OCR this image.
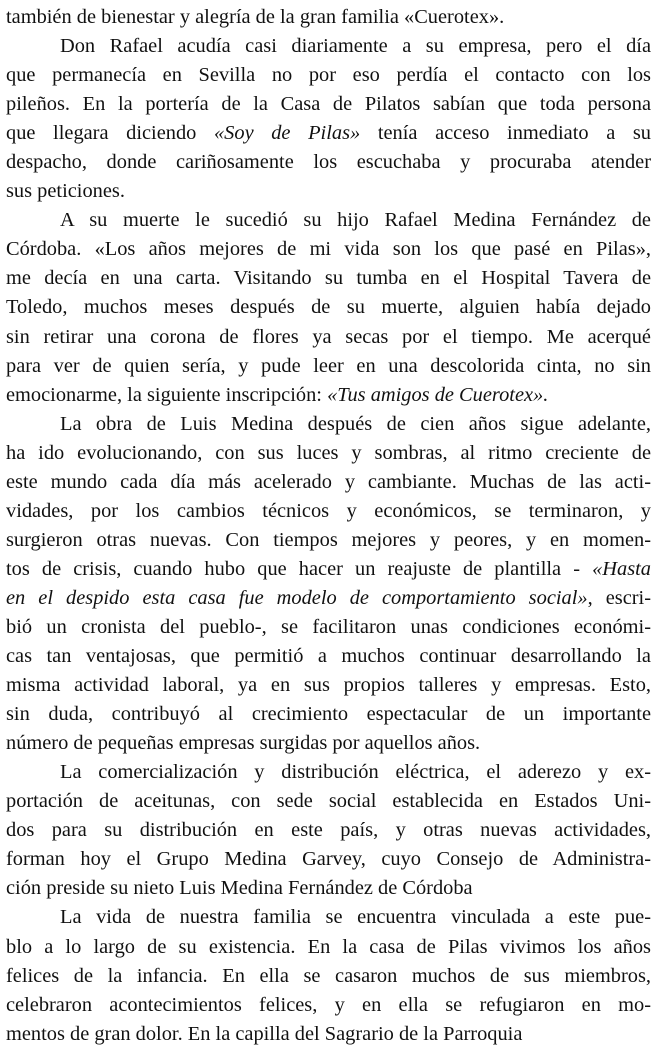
también de bienestar y alegría de la gran familia «Cuerotex».
Don Rafael acudía casi diariamente a su empresa, pero el día
que permanecía en Sevilla no por eso perdía el contacto con los
pileños. En la portería de la Casa de Pilatos sabían que toda persona
que llegara diciendo «Soy de Pilas» tenía acceso inmediato a su
despacho, donde cariñosamente los escuchaba y procuraba atender
sus peticiones.
A su muerte le sucedió su hijo Rafael Medina Fernández de
Córdoba. «Los años mejores de mi vida son los que pasé en Pilas»,
me decía en una carta. Visitando su tumba en el Hospital Tavera de
Toledo, muchos meses después de su muerte, alguien había dejado
sin retirar una corona de flores ya secas por el tiempo. Me acerqué
para ver de quien sería, y pude leer en una descolorida cinta, no sin
emocionarme, la siguiente inscripción: «Tus amigos de Cuerotex».
La obra de Luis Medina después de cien años sigue adelante,
ha ido evolucionando, con sus luces y sombras, al ritmo creciente de
este mundo cada día más acelerado y cambiante. Muchas de las acti-
vidades, por los cambios técnicos y económicos, se terminaron, y
surgieron otras nuevas. Con tiempos mejores y peores, y en momen-
tos de crisis, cuando hubo que hacer un reajuste de plantilla - «Hasta
en el despido esta casa fue modelo de comportamiento social», escri-
bió un cronista del pueblo-, se facilitaron unas condiciones económi-
cas tan ventajosas, que permitió a muchos continuar desarrollando la
misma actividad laboral, ya en sus propios talleres y empresas. Esto,
sin duda, contribuyó al crecimiento espectacular de un importante
número de pequeñas empresas surgidas por aquellos años.
La comercialización y distribución eléctrica, el aderezo y ex-
portación de aceitunas, con sede social establecida en Estados Uni-
dos para su distribución en este país, y otras nuevas actividades,
forman hoy el Grupo Medina Garvey, cuyo Consejo de Administra-
ción preside su nieto Luis Medina Fernández de Córdoba
La vida de nuestra familia se encuentra vinculada a este pue-
blo a lo largo de su existencia. En la casa de Pilas vivimos los años
felices de la infancia. En ella se casaron muchos de sus miembros,
celebraron acontecimientos felices, y en ella se refugiaron en mo-
mentos de gran dolor. En la capilla del Sagrario de la Parroquia
